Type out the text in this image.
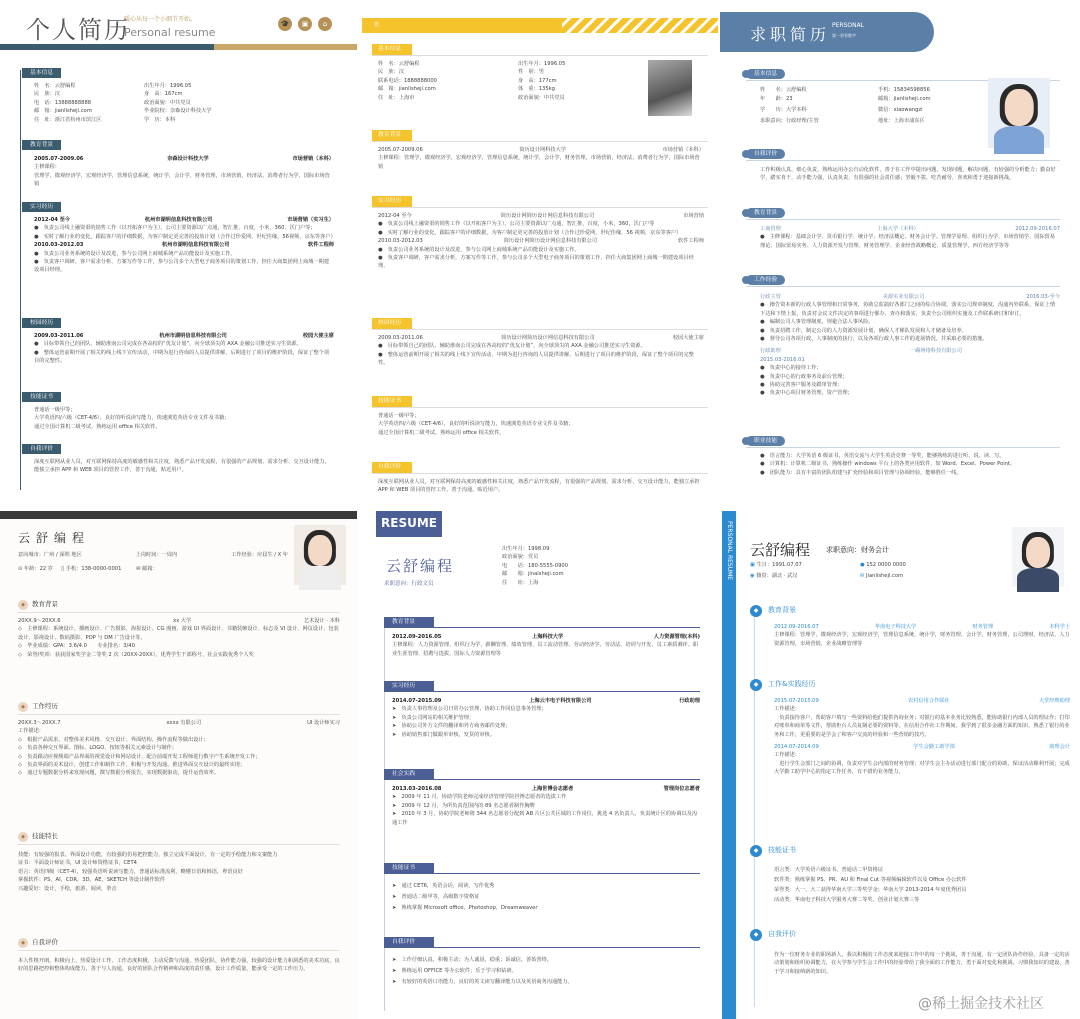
个人简历
暖心从每一个小细节开始。
Personal resume
🎓	▣	⌂
基本信息
姓　名：云舒编程	出生年月：1996.05
民　族：汉	身　高：167cm
电　话：13888888888	政治面貌：中共党员
邮　箱：jianlisheji.com	毕业院校：奈森设计科技大学
住　址：浙江省杭州市滨江区	学　历：本科
教育背景
2005.07-2009.06	奈森设计科技大学	市场营销（本科）
主修课程：
管理学，微观经济学，宏观经济学，管理信息系统，统计学，会计学，财务管理，市场营销，经济法，消费者行为学，国际市场营销
实习经历
2012-04 至今	杭州市湖明信息科技有限公司	市场营销（实习生）
●　负责公司线上融资渠的销售工作（以开拓客户为主），公司主要资源以广点通，智汇推，百度，小米，360、沃门户等；
●　实时了解行业的变化，跟踪客户的详细数据，为客户制定更完善的投放计划（合作过珍爱网，世纪佳缘，56视频，京东等客户）
2010.03-2012.03	杭州市湖明信息科技有限公司	软件工程师
●　负责公司业务系统的设计及改进，参与公司网上商城系统产品功能设计及实施工作。
●　负责客户调研、客户需求分析、方案写作等工作，参与公司多个大型电子商务项目的策划工作，担任大商集团网上商城一期建设项目经理。
校园经历
2009.03-2011.06	杭州市湖明信息科技有限公司	校园大使主席
●　目标带领自己的团队，辅助淮南公司完成在各高校的“优友计划”，向全球顶尖的 AXA 金融公司推送实习生资源。
●　整体运营前期开展了相关的线上线下宣传活动，中期为进行咨询的人员提供讲解，后期进行了项目的维护阶段，保证了整个项目的完整性。
技能证书
普通话一级甲等；
大学英语四/六级（CET-4/6），良好的听说读写能力，快速浏览英语专业文件及书籍；
通过全国计算机二级考试，熟练运用 office 相关软件。
自我评价
深度互联网从业人员，对互联网保持高度的敏感性和关注度，熟悉产品开发流程，有很强的产品规划、需求分析、交互设计能力，能独立承担 APP 和 WEB 项目的管控工作，善于沟通，贴近用户。
选
基本信息
姓　名：云舒编程	出生年月：1996.05
民　族：汉	性　别：男
联系电话：1888888000	身　高：177cm
邮　箱：jianlisheji.com	体　重：135kg
住　址：上海市	政治面貌：中共党员
教育背景
2005.07-2009.06	简历设计网科技大学	市场营销（本科）
主修课程：管理学，微观经济学，宏观经济学，管理信息系统，统计学，会计学，财务管理，市场营销，经济法，消费者行为学，国际市场营销
实习经历
2012-04 至今	简历设计网简历设计网信息科技有限公司	市场营销
●　负责公司线上融资渠的销售工作（以开拓客户为主），公司主要资源以广点通，智汇推，百度，小米，360，沃门户等
●　实时了解行业的变化，跟踪客户的详细数据，为客户制定更完善的投放计划（合作过珍爱网，世纪佳缘，56 视频，京东等客户）
2010.03-2012.03	简历设计网简历设计网信息科技有限公司	软件工程师
●　负责公司业务系统的设计及改进，参与公司网上商城系统产品功能设计及实施工作。
●　负责客户调研，客户需求分析，方案写作等工作，参与公司多个大型电子商务项目的策划工作，担任大商集团网上商城一期建设项目经理。
校园经历
2009.03-2011.06	简历设计网简历设计网信息科技有限公司	校园大使主席
●　目标带领自己的团队，辅助淮南公司完成在各高校的“优友计划”，向全球顶尖的 AXA 金融公司推送实习生资源。
●　整体运营前期开展了相关的线上线下宣传活动，中期为进行咨询的人员提供讲解，后期进行了项目的维护阶段，保证了整个项目的完整性。
技能证书
普通话一级甲等；
大学英语四/六级（CET-4/6），良好的听说读写能力，快速浏览英语专业文件及书籍；
通过全国计算机二级考试，熟练运用 office 相关软件。
自我评价
深度互联网从业人员，对互联网保持高度的敏感性和关注度，熟悉产品开发流程，有很强的产品规划、需求分析、交互设计能力，能独立承担 APP 和 WEB 项目的管控工作，善于沟通，贴近用户。
求职简历 PERSONAL
第一更有数字
基本信息
姓　　名：云舒编程	手机：15834598856
年　　龄：23	邮箱：jianlisheji.com
学　　历：大学本科	微信：xiaowangzi
求职意向：行政经理/主管	地址：上海市浦东区
自我评价
工作积极认真，细心负责，熟练运用办公自动化软件，善于在工作中提出问题，发现问题，解决问题，有较强的分析能力；勤奋好学，踏实肯干，动手能力强，认真负责，有很强的社会责任感；坚毅不拔，吃苦耐劳，喜欢和勇于迎接新挑战。
教育背景
工商管理	上海大学（本科）	2012.09-2016.07
●　主修课程：基础会计学、货币银行学、统计学、经济法概论、财务会计学、管理学原理、组织行为学、市场营销学、国际贸易理论、国际贸易实务、人力资源开发与管理、财务管理学、企业经营战略概论、质量管理学，西方经济学等等
工作经验
行政主管	美源实业有限公司	2016.03-至今
●　操告资本新的行政人事管理和日常事务，协助总监搞好各部门之间的综合协调，落实公司规章制度，沟通内外联系，保证上情下达和下情上报，负责对会议文件决定的事项进行催办，查办和落实，负责全公司组织实施及工作联系研讨和审订。
●　编制公司人事管理制度，规避合法人事风险。
●　负责招聘工作，制定公司的人力资源发展计划，确保人才梯队发展和人才储备及培养。
●　督导公司各项行政，人事制度的执行，以及各项行政人事工作的进展情况，并采取必要的措施。
行政助理	一踢网络科技有限公司
2015.03-2016.01
●　负责中心的接待工作；
●　负责中心的行政事务及前台管理；
●　协助完善客户服务及跟单管理；
●　负责中心项目财务管理，资产管理；
职业技能
●　语言能力：大学英语 6 级证书，英语交流与大学生英语竞赛一等奖，能够熟练的进行听、说、读、写。
●　计算机：计算机二级证书，熟练操作 windows 平台上的各类应用软件，如 Word、Excel、Power Point。
●　团队能力：具有丰富的团队组建与扩充经验和项目管理与协调经验，能够胜任一线。
云舒编程
意向城市：广州 / 深圳 地区	上岗时间：一周内	工作经验：应届生 / X 年
⊙ 年龄：22 岁 ▯ 手机：138-0000-0001	✉ 邮箱：
◆ 教育背景
20XX.9～20XX.6	xx 大学	艺术设计 · 本科
◇　主修课程：系统设计、插画设计、广告摄影、海报设计、CG 漫画、游戏 UI 界面设计、书籍装帧设计、标志及 VI 设计、网页设计、包装设计、影视设计、数码摄影、POP 与 DM 广告设计等。
◇　毕业成绩：GPA：3.6/4.0　　专业排名：3/40
◇　荣誉/奖项：获获国家奖学金二等奖 2 次（20XX-20XX），优秀学生干部称号、社会实践优秀个人奖
◆ 工作经历
20XX.3～20XX.7	xxxx 有限公司	UI 设计师实习
工作描述：
◇　根据产品需求，对整体美术风格、交互设计、界面结构、操作流程等做出设计；
◇　负责各种交互界面、图标、LOGO、按钮等相关元素设计与制作；
◇　负责跟动应视频端产品界面的视觉设计和网站设计，配合前端开发工程师进行数字产生系统开发工作；
◇　负责界面的美术设计，创建工作和制作工作，积极与开发沟通，推进界面交互设计的最终实现；
◇　通过专题数据分析来发现问题，撰写数据分析报告，实现数据驱动，提升运营效率。
◆ 技能特长
技能：有较强的报表、界面设计功能，有较强的仿易把控能力，独立完成平面设计，有一定的手绘能力和文案能力
证书：平面设计师证书，UI 设计师资格证书，CET4
语言：英语四级（CET-4），较强英语听说读写能力，普通话标准流利，略懂日语和韩语，粤语良好
掌握软件：PS，AI，CDR，3D，AE，SKETCH 等设计制作软件
兴趣爱好：设计，手绘，旅游，阅读，拳击
◆ 自我评价
本人性格开朗，积极向上，热爱设计工作，工作态度积极，主动反馈与沟通，热爱团队，协作能力强，较强的设计能力和洞悉的美术功底，良好的思路把控和整体构成能力，善于与人沟通，良好的团队合作精神和高度的责任感，设计工作质量，能承受一定的工作压力。
RESUME
云舒编程
求职意向：行政文员
出生年月：1998.09
政治面貌：党员
电　　话：180-5555-0900
邮　　箱：jinalsheji.com
住　　址：上海
教育背景
2012.09-2016.05	上海科技大学	人力资源管理(本科)
主修课程：人力资源管理、组织行为学、薪酬管理、绩效管理、员工流动管理、劳动经济学、劳动法、培训与开发、员工素质测评、职业生涯管理、招聘与选拔、国际人力资源管理等
实习经历
2014.07-2015.09	上海云丰电子科技有限公司	行政助理
➤　负责人事管理及公司日常办公管理，协助工作同信息事务管理；
➤　负责公司网站的相关维护管理；
➤　协助公司外方文件的翻译和外方商务邮件处理；
➤　协助销售部门做跟单审核，发货的审核。
社会实践
2013.03-2016.08	上海世博会志愿者	管理岗位志愿者
➤　2009 年 11 月，协助学院老师完成经济管理学院世博志愿者的选拔工作
➤　2009 年 12 月，为所负责范围内的 89 名志愿者制作胸牌
➤　2010 年 3 月，协助学院老师将 344 名志愿者分配到 AB 片区公共区域的工作岗位，挑选 4 名负责人，负责统计区的协调以及沟通工作
技能证书
➤　通过 CET6，英语会话，阅读，写作优秀
➤　普通话二级甲等，高级数字资格证
➤　熟练掌握 Microsoft office，Photoshop，Dreamweaver
自我评价
➤　工作仔细认真，积极主动；为人诚恳，稳重；诉诚信，善始善终。
➤　熟练运用 OFFICE 等办公软件；乐于学习和钻研。
➤　有较好的英语口语能力，良好的英文读写翻译能力以及英语商务沟通能力。
PERSONAL RESUME 云舒编程 求职意向：财务会计
▣ 生日：1991.07.07	● 152 0000 0000
◉ 籍贯：湖北 · 武汉	✉ Jianlisheji.com
◆ 教育背景
2012.09-2016.07	华南电子科技大学	财务管理	本科学士
主修课程：管理学，微观经济学，宏观经济学，管理信息系统，统计学，财务管理，会计学，财务管理，公司理财，经济法，人力资源管理，市场营销，企业战略管理等
◆ 工作&实践经历
2015.07-2015.09	农村信用合作联社	大堂经理助理
工作描述：
　负责接待客户，帮助客户填写一些资料给他们提供咨询业务；对银行的基本业务比较熟悉，能协助银行内部人员的理证作；打印对账单和商单等文件，帮助柜台人员复制必要的资料等。在信用合作社工作期间，我学到了很多金融方面的知识，熟悉了银行的业务和工作，更重要的是学会了和客户交流的经验和一些营销的技巧。
2014.07-2014.09	学生会勤工助学部	助理会计
工作描述：
　进行学生会部门之间的协调，负责对学生会内部的财务管理；对学生会主办活动进行部门配合的协助，保证活动顺利开展；完成大学勤工助学中心的指定工作任务，有不错的业务能力。
◆ 技能证书
语言类：大学英语六级证书，普通话二甲资格证
软件类：熟练掌握 PS、PR、AU 和 Final Cut 等视频编辑软件以及 Office 办公软件
荣誉类：大一、大二获得华南大学三等奖学金；华南大学 2013-2014 年度优秀团员
活动类：华南电子科技大学服务大赛二等奖、创业计划大赛三等
◆ 自我评价
作为一位财务专业的职场新人，我以积极的工作态度来迎接工作中的每一个挑战，善于沟通，有一定团队协作经验，具备一定的活动策划和组织协调能力，在大学参与学生会工作中的经验带给了我全面的工作能力，勇于面对变化和挑战。习惯我知识的建设，善于学习和接纳新的知识。
@稀土掘金技术社区
